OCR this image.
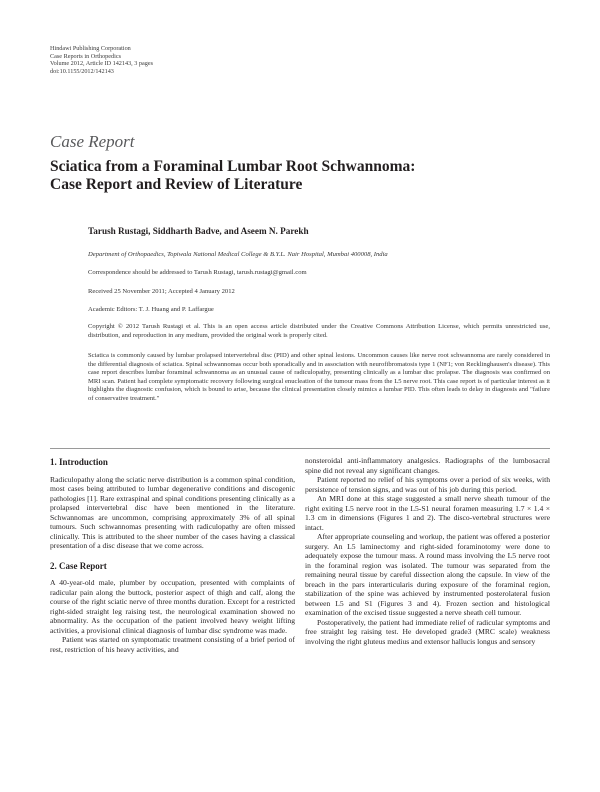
Hindawi Publishing Corporation
Case Reports in Orthopedics
Volume 2012, Article ID 142143, 3 pages
doi:10.1155/2012/142143
Case Report
Sciatica from a Foraminal Lumbar Root Schwannoma:
Case Report and Review of Literature
Tarush Rustagi, Siddharth Badve, and Aseem N. Parekh
Department of Orthopaedics, Topiwala National Medical College & B.Y.L. Nair Hospital, Mumbai 400008, India
Correspondence should be addressed to Tarush Rustagi, tarush.rustagi@gmail.com
Received 25 November 2011; Accepted 4 January 2012
Academic Editors: T. J. Huang and P. Laffargue
Copyright © 2012 Tarush Rustagi et al. This is an open access article distributed under the Creative Commons Attribution License, which permits unrestricted use, distribution, and reproduction in any medium, provided the original work is properly cited.
Sciatica is commonly caused by lumbar prolapsed intervertebral disc (PID) and other spinal lesions. Uncommon causes like nerve root schwannoma are rarely considered in the differential diagnosis of sciatica. Spinal schwannomas occur both sporadically and in association with neurofibromatosis type 1 (NF1; von Recklinghausen's disease). This case report describes lumbar foraminal schwannoma as an unusual cause of radiculopathy, presenting clinically as a lumbar disc prolapse. The diagnosis was confirmed on MRI scan. Patient had complete symptomatic recovery following surgical enucleation of the tumour mass from the L5 nerve root. This case report is of particular interest as it highlights the diagnostic confusion, which is bound to arise, because the clinical presentation closely mimics a lumbar PID. This often leads to delay in diagnosis and "failure of conservative treatment."
1. Introduction

Radiculopathy along the sciatic nerve distribution is a common spinal condition, most cases being attributed to lumbar degenerative conditions and discogenic pathologies [1]. Rare extraspinal and spinal conditions presenting clinically as a prolapsed intervertebral disc have been mentioned in the literature. Schwannomas are uncommon, comprising approximately 3% of all spinal tumours. Such schwannomas presenting with radiculopathy are often missed clinically. This is attributed to the sheer number of the cases having a classical presentation of a disc disease that we come across.

2. Case Report

A 40-year-old male, plumber by occupation, presented with complaints of radicular pain along the buttock, posterior aspect of thigh and calf, along the course of the right sciatic nerve of three months duration. Except for a restricted right-sided straight leg raising test, the neurological examination showed no abnormality. As the occupation of the patient involved heavy weight lifting activities, a provisional clinical diagnosis of lumbar disc syndrome was made.

Patient was started on symptomatic treatment consisting of a brief period of rest, restriction of his heavy activities, and

nonsteroidal anti-inflammatory analgesics. Radiographs of the lumbosacral spine did not reveal any significant changes.

Patient reported no relief of his symptoms over a period of six weeks, with persistence of tension signs, and was out of his job during this period.

An MRI done at this stage suggested a small nerve sheath tumour of the right exiting L5 nerve root in the L5-S1 neural foramen measuring 1.7 × 1.4 × 1.3 cm in dimensions (Figures 1 and 2). The disco-vertebral structures were intact.

After appropriate counseling and workup, the patient was offered a posterior surgery. An L5 laminectomy and right-sided foraminotomy were done to adequately expose the tumour mass. A round mass involving the L5 nerve root in the foraminal region was isolated. The tumour was separated from the remaining neural tissue by careful dissection along the capsule. In view of the breach in the pars interarticularis during exposure of the foraminal region, stabilization of the spine was achieved by instrumented posterolateral fusion between L5 and S1 (Figures 3 and 4). Frozen section and histological examination of the excised tissue suggested a nerve sheath cell tumour.

Postoperatively, the patient had immediate relief of radicular symptoms and free straight leg raising test. He developed grade3 (MRC scale) weakness involving the right gluteus medius and extensor hallucis longus and sensory
